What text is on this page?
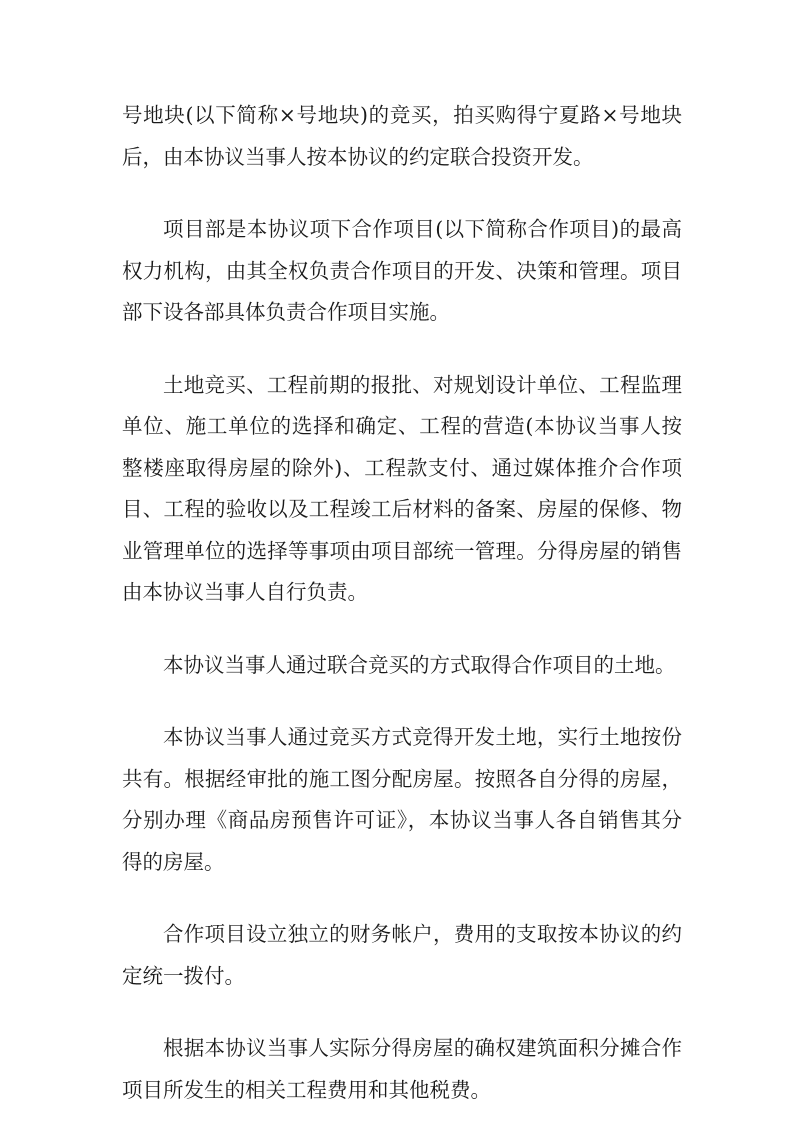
号地块(以下简称×号地块)的竞买，拍买购得宁夏路×号地块后，由本协议当事人按本协议的约定联合投资开发。

项目部是本协议项下合作项目(以下简称合作项目)的最高权力机构，由其全权负责合作项目的开发、决策和管理。项目部下设各部具体负责合作项目实施。

土地竞买、工程前期的报批、对规划设计单位、工程监理单位、施工单位的选择和确定、工程的营造(本协议当事人按整楼座取得房屋的除外)、工程款支付、通过媒体推介合作项目、工程的验收以及工程竣工后材料的备案、房屋的保修、物业管理单位的选择等事项由项目部统一管理。分得房屋的销售由本协议当事人自行负责。

本协议当事人通过联合竞买的方式取得合作项目的土地。

本协议当事人通过竞买方式竞得开发土地，实行土地按份共有。根据经审批的施工图分配房屋。按照各自分得的房屋，分别办理《商品房预售许可证》，本协议当事人各自销售其分得的房屋。

合作项目设立独立的财务帐户，费用的支取按本协议的约定统一拨付。

根据本协议当事人实际分得房屋的确权建筑面积分摊合作项目所发生的相关工程费用和其他税费。
